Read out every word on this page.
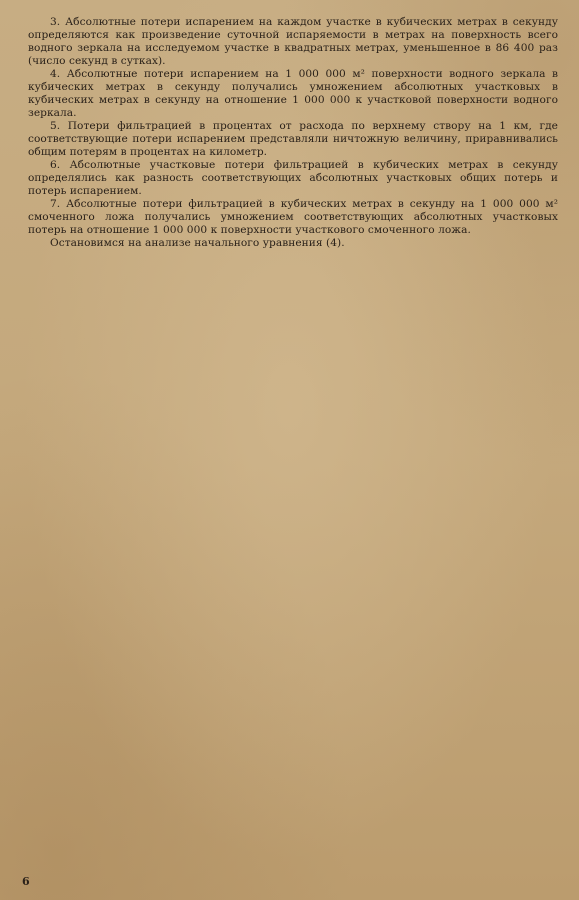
3. Абсолютные потери испарением на каждом участке в кубических метрах в секунду определяются как произведение суточной испаряемости в метрах на поверхность всего водного зеркала на исследуемом участке в квадратных метрах, уменьшенное в 86 400 раз (число секунд в сутках).

4. Абсолютные потери испарением на 1 000 000 м² поверхности водного зеркала в кубических метрах в секунду получались умножением абсолютных участковых в кубических метрах в секунду на отношение 1 000 000 к участковой поверхности водного зеркала.

5. Потери фильтрацией в процентах от расхода по верхнему створу на 1 км, где соответствующие потери испарением представляли ничтожную величину, приравнивались общим потерям в процентах на километр.

6. Абсолютные участковые потери фильтрацией в кубических метрах в секунду определялись как разность соответствующих абсолютных участковых общих потерь и потерь испарением.

7. Абсолютные потери фильтрацией в кубических метрах в секунду на 1 000 000 м² смоченного ложа получались умножением соответствующих абсолютных участковых потерь на отношение 1 000 000 к поверхности участкового смоченного ложа.

Остановимся на анализе начального уравнения (4).

6
